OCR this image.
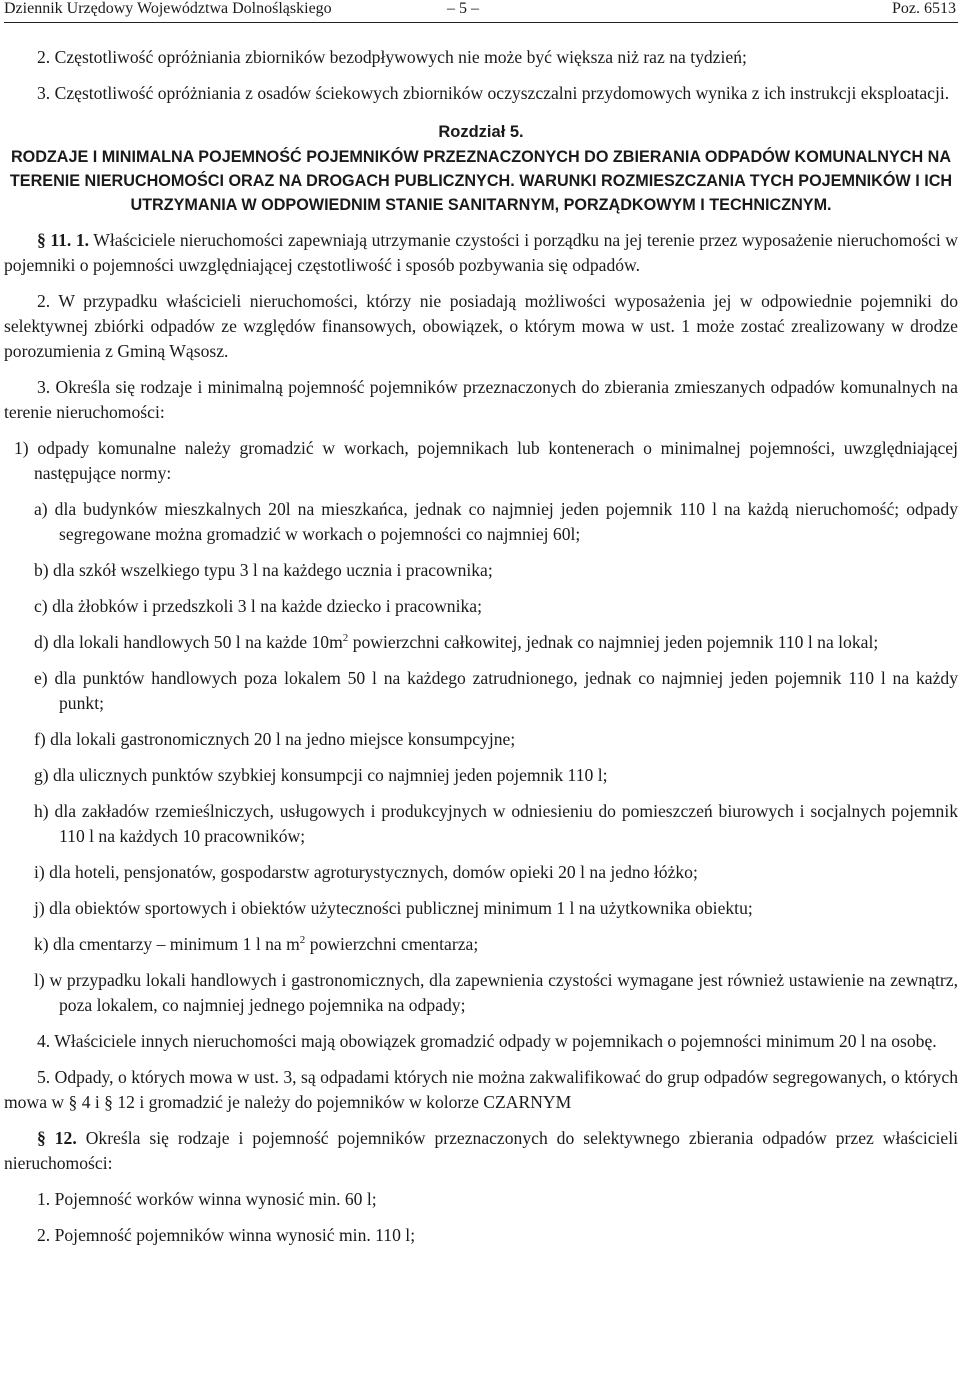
Dziennik Urzędowy Województwa Dolnośląskiego	– 5 –	Poz. 6513

2. Częstotliwość opróżniania zbiorników bezodpływowych nie może być większa niż raz na tydzień;

3. Częstotliwość opróżniania z osadów ściekowych zbiorników oczyszczalni przydomowych wynika z ich instrukcji eksploatacji.

Rozdział 5.

RODZAJE I MINIMALNA POJEMNOŚĆ POJEMNIKÓW PRZEZNACZONYCH DO ZBIERANIA ODPADÓW KOMUNALNYCH NA TERENIE NIERUCHOMOŚCI ORAZ NA DROGACH PUBLICZNYCH. WARUNKI ROZMIESZCZANIA TYCH POJEMNIKÓW I ICH UTRZYMANIA W ODPOWIEDNIM STANIE SANITARNYM, PORZĄDKOWYM I TECHNICZNYM.

§ 11. 1. Właściciele nieruchomości zapewniają utrzymanie czystości i porządku na jej terenie przez wyposażenie nieruchomości w pojemniki o pojemności uwzględniającej częstotliwość i sposób pozbywania się odpadów.

2. W przypadku właścicieli nieruchomości, którzy nie posiadają możliwości wyposażenia jej w odpowiednie pojemniki do selektywnej zbiórki odpadów ze względów finansowych, obowiązek, o którym mowa w ust. 1 może zostać zrealizowany w drodze porozumienia z Gminą Wąsosz.

3. Określa się rodzaje i minimalną pojemność pojemników przeznaczonych do zbierania zmieszanych odpadów komunalnych na terenie nieruchomości:

1) odpady komunalne należy gromadzić w workach, pojemnikach lub kontenerach o minimalnej pojemności, uwzględniającej następujące normy:

a) dla budynków mieszkalnych 20l na mieszkańca, jednak co najmniej jeden pojemnik 110 l na każdą nieruchomość; odpady segregowane można gromadzić w workach o pojemności co najmniej 60l;

b) dla szkół wszelkiego typu 3 l na każdego ucznia i pracownika;

c) dla żłobków i przedszkoli 3 l na każde dziecko i pracownika;

d) dla lokali handlowych 50 l na każde $10m^2$ powierzchni całkowitej, jednak co najmniej jeden pojemnik 110 l na lokal;

e) dla punktów handlowych poza lokalem 50 l na każdego zatrudnionego, jednak co najmniej jeden pojemnik 110 l na każdy punkt;

f) dla lokali gastronomicznych 20 l na jedno miejsce konsumpcyjne;

g) dla ulicznych punktów szybkiej konsumpcji co najmniej jeden pojemnik 110 l;

h) dla zakładów rzemieślniczych, usługowych i produkcyjnych w odniesieniu do pomieszczeń biurowych i socjalnych pojemnik 110 l na każdych 10 pracowników;

i) dla hoteli, pensjonatów, gospodarstw agroturystycznych, domów opieki 20 l na jedno łóżko;

j) dla obiektów sportowych i obiektów użyteczności publicznej minimum 1 l na użytkownika obiektu;

k) dla cmentarzy – minimum 1 l na $m^2$ powierzchni cmentarza;

l) w przypadku lokali handlowych i gastronomicznych, dla zapewnienia czystości wymagane jest również ustawienie na zewnątrz, poza lokalem, co najmniej jednego pojemnika na odpady;

4. Właściciele innych nieruchomości mają obowiązek gromadzić odpady w pojemnikach o pojemności minimum 20 l na osobę.

5. Odpady, o których mowa w ust. 3, są odpadami których nie można zakwalifikować do grup odpadów segregowanych, o których mowa w § 4 i § 12 i gromadzić je należy do pojemników w kolorze CZARNYM

§ 12. Określa się rodzaje i pojemność pojemników przeznaczonych do selektywnego zbierania odpadów przez właścicieli nieruchomości:

1. Pojemność worków winna wynosić min. 60 l;

2. Pojemność pojemników winna wynosić min. 110 l;
